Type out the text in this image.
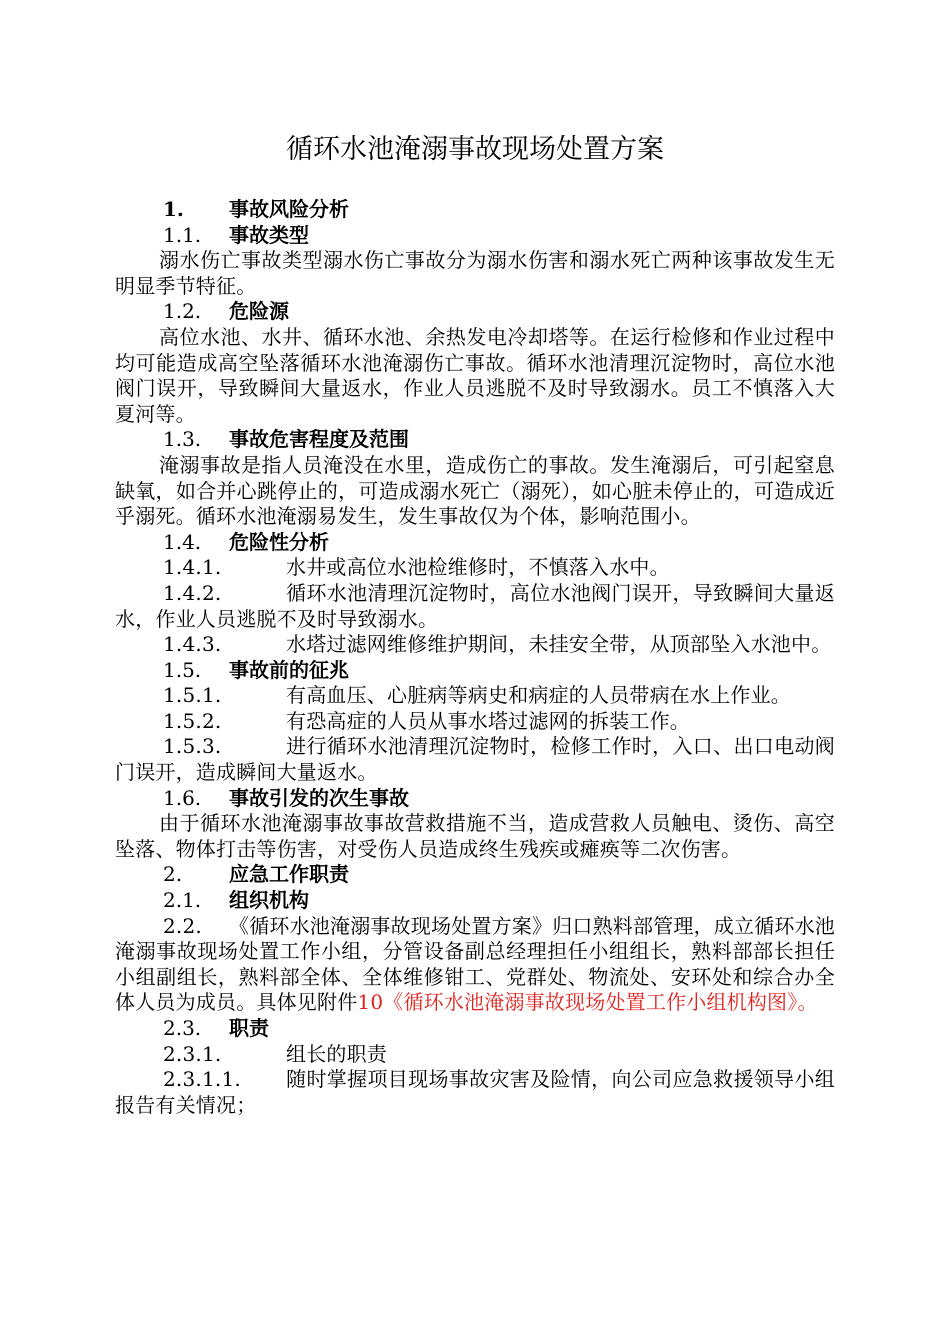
循环水池淹溺事故现场处置方案
1. 事故风险分析
1.1. 事故类型
溺水伤亡事故类型溺水伤亡事故分为溺水伤害和溺水死亡两种该事故发生无明显季节特征。
1.2. 危险源
高位水池、水井、循环水池、余热发电冷却塔等。在运行检修和作业过程中均可能造成高空坠落循环水池淹溺伤亡事故。循环水池清理沉淀物时，高位水池阀门误开，导致瞬间大量返水，作业人员逃脱不及时导致溺水。员工不慎落入大夏河等。
1.3. 事故危害程度及范围
淹溺事故是指人员淹没在水里，造成伤亡的事故。发生淹溺后，可引起窒息缺氧，如合并心跳停止的，可造成溺水死亡（溺死），如心脏未停止的，可造成近乎溺死。循环水池淹溺易发生，发生事故仅为个体，影响范围小。
1.4. 危险性分析
1.4.1.	水井或高位水池检维修时，不慎落入水中。
1.4.2.	循环水池清理沉淀物时，高位水池阀门误开，导致瞬间大量返水，作业人员逃脱不及时导致溺水。
1.4.3.	水塔过滤网维修维护期间，未挂安全带，从顶部坠入水池中。
1.5. 事故前的征兆
1.5.1.	有高血压、心脏病等病史和病症的人员带病在水上作业。
1.5.2.	有恐高症的人员从事水塔过滤网的拆装工作。
1.5.3.	进行循环水池清理沉淀物时，检修工作时，入口、出口电动阀门误开，造成瞬间大量返水。
1.6. 事故引发的次生事故
由于循环水池淹溺事故事故营救措施不当，造成营救人员触电、烫伤、高空坠落、物体打击等伤害，对受伤人员造成终生残疾或瘫痪等二次伤害。
2. 应急工作职责
2.1. 组织机构
2.2. 《循环水池淹溺事故现场处置方案》归口熟料部管理，成立循环水池淹溺事故现场处置工作小组，分管设备副总经理担任小组组长，熟料部部长担任小组副组长，熟料部全体、全体维修钳工、党群处、物流处、安环处和综合办全体人员为成员。具体见附件10《循环水池淹溺事故现场处置工作小组机构图》。
2.3. 职责
2.3.1.	组长的职责
2.3.1.1. 随时掌握项目现场事故灾害及险情，向公司应急救援领导小组报告有关情况；
